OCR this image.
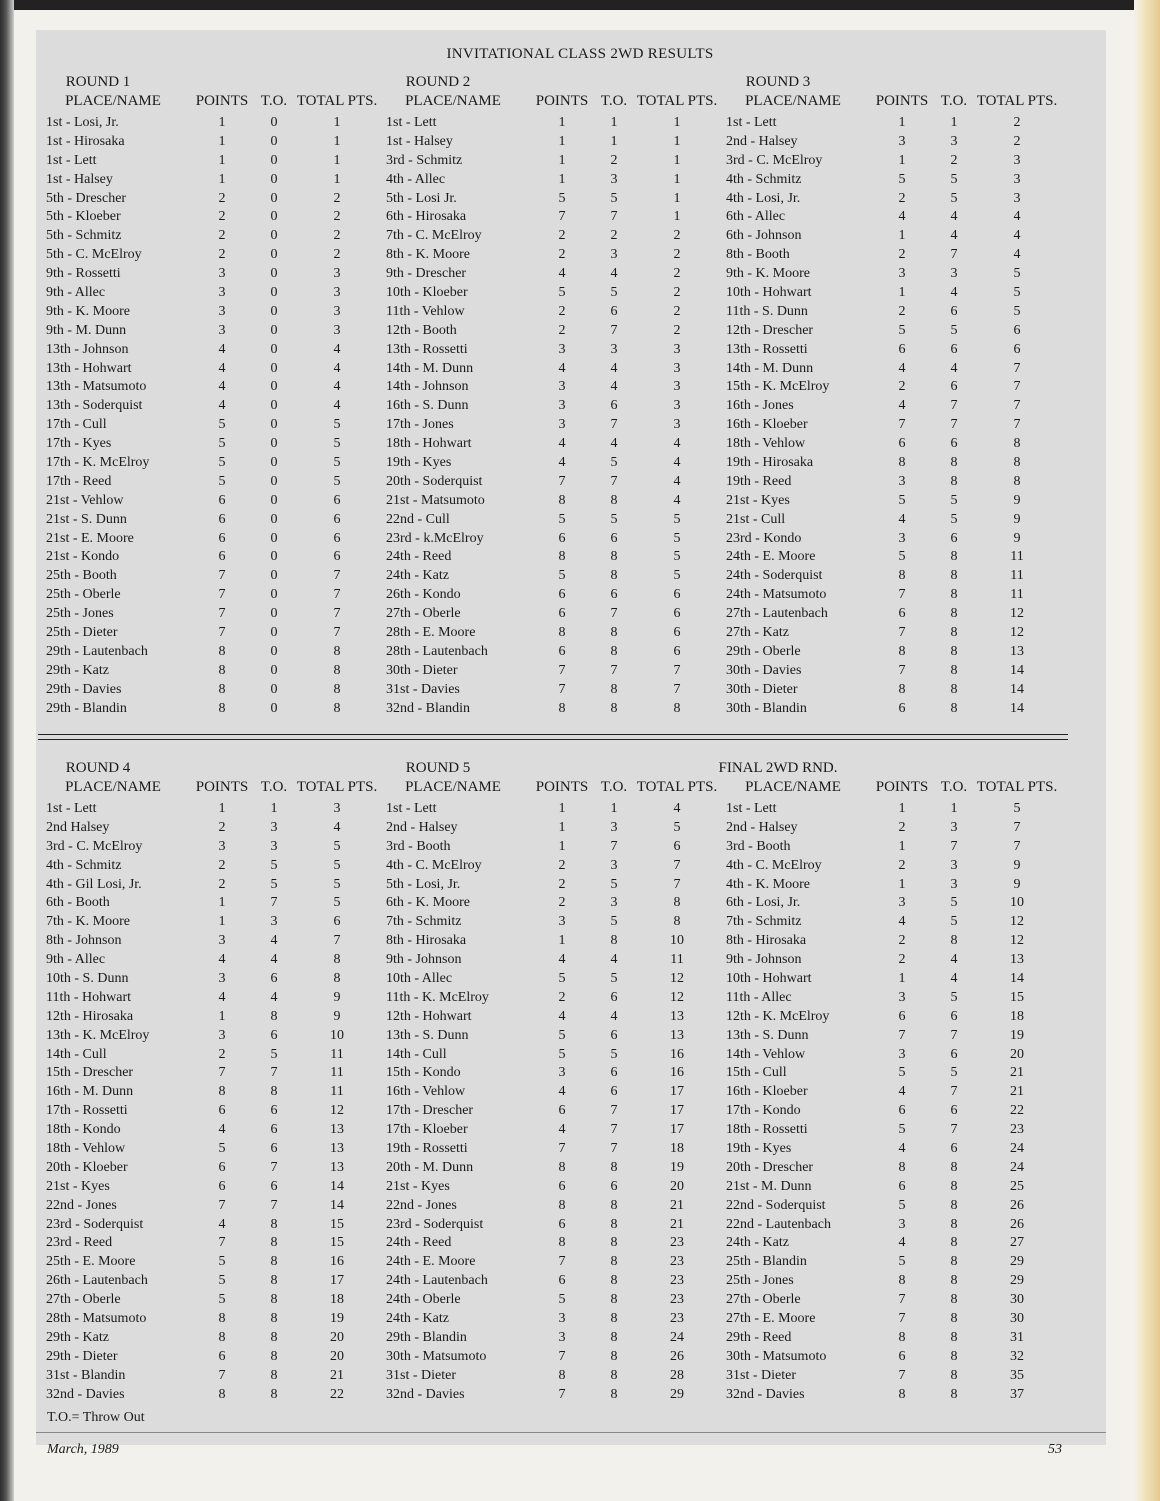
INVITATIONAL CLASS 2WD RESULTS
ROUND 1
PLACE/NAME	POINTS T.O. TOTAL PTS.
1st - Losi, Jr.	1	0	1
1st - Hirosaka	1	0	1
1st - Lett	1	0	1
1st - Halsey	1	0	1
5th - Drescher	2	0	2
5th - Kloeber	2	0	2
5th - Schmitz	2	0	2
5th - C. McElroy	2	0	2
9th - Rossetti	3	0	3
9th - Allec	3	0	3
9th - K. Moore	3	0	3
9th - M. Dunn	3	0	3
13th - Johnson	4	0	4
13th - Hohwart	4	0	4
13th - Matsumoto	4	0	4
13th - Soderquist	4	0	4
17th - Cull	5	0	5
17th - Kyes	5	0	5
17th - K. McElroy	5	0	5
17th - Reed	5	0	5
21st - Vehlow	6	0	6
21st - S. Dunn	6	0	6
21st - E. Moore	6	0	6
21st - Kondo	6	0	6
25th - Booth	7	0	7
25th - Oberle	7	0	7
25th - Jones	7	0	7
25th - Dieter	7	0	7
29th - Lautenbach	8	0	8
29th - Katz	8	0	8
29th - Davies	8	0	8
29th - Blandin	8	0	8
ROUND 2
PLACE/NAME	POINTS T.O. TOTAL PTS.
1st - Lett	1	1	1
1st - Halsey	1	1	1
3rd - Schmitz	1	2	1
4th - Allec	1	3	1
5th - Losi Jr.	5	5	1
6th - Hirosaka	7	7	1
7th - C. McElroy	2	2	2
8th - K. Moore	2	3	2
9th - Drescher	4	4	2
10th - Kloeber	5	5	2
11th - Vehlow	2	6	2
12th - Booth	2	7	2
13th - Rossetti	3	3	3
14th - M. Dunn	4	4	3
14th - Johnson	3	4	3
16th - S. Dunn	3	6	3
17th - Jones	3	7	3
18th - Hohwart	4	4	4
19th - Kyes	4	5	4
20th - Soderquist	7	7	4
21st - Matsumoto	8	8	4
22nd - Cull	5	5	5
23rd - k.McElroy	6	6	5
24th - Reed	8	8	5
24th - Katz	5	8	5
26th - Kondo	6	6	6
27th - Oberle	6	7	6
28th - E. Moore	8	8	6
28th - Lautenbach	6	8	6
30th - Dieter	7	7	7
31st - Davies	7	8	7
32nd - Blandin	8	8	8
ROUND 3
PLACE/NAME	POINTS T.O. TOTAL PTS.
1st - Lett	1	1	2
2nd - Halsey	3	3	2
3rd - C. McElroy	1	2	3
4th - Schmitz	5	5	3
4th - Losi, Jr.	2	5	3
6th - Allec	4	4	4
6th - Johnson	1	4	4
8th - Booth	2	7	4
9th - K. Moore	3	3	5
10th - Hohwart	1	4	5
11th - S. Dunn	2	6	5
12th - Drescher	5	5	6
13th - Rossetti	6	6	6
14th - M. Dunn	4	4	7
15th - K. McElroy	2	6	7
16th - Jones	4	7	7
16th - Kloeber	7	7	7
18th - Vehlow	6	6	8
19th - Hirosaka	8	8	8
19th - Reed	3	8	8
21st - Kyes	5	5	9
21st - Cull	4	5	9
23rd - Kondo	3	6	9
24th - E. Moore	5	8	11
24th - Soderquist	8	8	11
24th - Matsumoto	7	8	11
27th - Lautenbach	6	8	12
27th - Katz	7	8	12
29th - Oberle	8	8	13
30th - Davies	7	8	14
30th - Dieter	8	8	14
30th - Blandin	6	8	14
ROUND 4
PLACE/NAME	POINTS T.O. TOTAL PTS.
1st - Lett	1	1	3
2nd Halsey	2	3	4
3rd - C. McElroy	3	3	5
4th - Schmitz	2	5	5
4th - Gil Losi, Jr.	2	5	5
6th - Booth	1	7	5
7th - K. Moore	1	3	6
8th - Johnson	3	4	7
9th - Allec	4	4	8
10th - S. Dunn	3	6	8
11th - Hohwart	4	4	9
12th - Hirosaka	1	8	9
13th - K. McElroy	3	6	10
14th - Cull	2	5	11
15th - Drescher	7	7	11
16th - M. Dunn	8	8	11
17th - Rossetti	6	6	12
18th - Kondo	4	6	13
18th - Vehlow	5	6	13
20th - Kloeber	6	7	13
21st - Kyes	6	6	14
22nd - Jones	7	7	14
23rd - Soderquist	4	8	15
23rd - Reed	7	8	15
25th - E. Moore	5	8	16
26th - Lautenbach	5	8	17
27th - Oberle	5	8	18
28th - Matsumoto	8	8	19
29th - Katz	8	8	20
29th - Dieter	6	8	20
31st - Blandin	7	8	21
32nd - Davies	8	8	22
ROUND 5
PLACE/NAME	POINTS T.O. TOTAL PTS.
1st - Lett	1	1	4
2nd - Halsey	1	3	5
3rd - Booth	1	7	6
4th - C. McElroy	2	3	7
5th - Losi, Jr.	2	5	7
6th - K. Moore	2	3	8
7th - Schmitz	3	5	8
8th - Hirosaka	1	8	10
9th - Johnson	4	4	11
10th - Allec	5	5	12
11th - K. McElroy	2	6	12
12th - Hohwart	4	4	13
13th - S. Dunn	5	6	13
14th - Cull	5	5	16
15th - Kondo	3	6	16
16th - Vehlow	4	6	17
17th - Drescher	6	7	17
17th - Kloeber	4	7	17
19th - Rossetti	7	7	18
20th - M. Dunn	8	8	19
21st - Kyes	6	6	20
22nd - Jones	8	8	21
23rd - Soderquist	6	8	21
24th - Reed	8	8	23
24th - E. Moore	7	8	23
24th - Lautenbach	6	8	23
24th - Oberle	5	8	23
24th - Katz	3	8	23
29th - Blandin	3	8	24
30th - Matsumoto	7	8	26
31st - Dieter	8	8	28
32nd - Davies	7	8	29
FINAL 2WD RND.
PLACE/NAME	POINTS T.O. TOTAL PTS.
1st - Lett	1	1	5
2nd - Halsey	2	3	7
3rd - Booth	1	7	7
4th - C. McElroy	2	3	9
4th - K. Moore	1	3	9
6th - Losi, Jr.	3	5	10
7th - Schmitz	4	5	12
8th - Hirosaka	2	8	12
9th - Johnson	2	4	13
10th - Hohwart	1	4	14
11th - Allec	3	5	15
12th - K. McElroy	6	6	18
13th - S. Dunn	7	7	19
14th - Vehlow	3	6	20
15th - Cull	5	5	21
16th - Kloeber	4	7	21
17th - Kondo	6	6	22
18th - Rossetti	5	7	23
19th - Kyes	4	6	24
20th - Drescher	8	8	24
21st - M. Dunn	6	8	25
22nd - Soderquist	5	8	26
22nd - Lautenbach	3	8	26
24th - Katz	4	8	27
25th - Blandin	5	8	29
25th - Jones	8	8	29
27th - Oberle	7	8	30
27th - E. Moore	7	8	30
29th - Reed	8	8	31
30th - Matsumoto	6	8	32
31st - Dieter	7	8	35
32nd - Davies	8	8	37
T.O.= Throw Out
March, 1989	53
